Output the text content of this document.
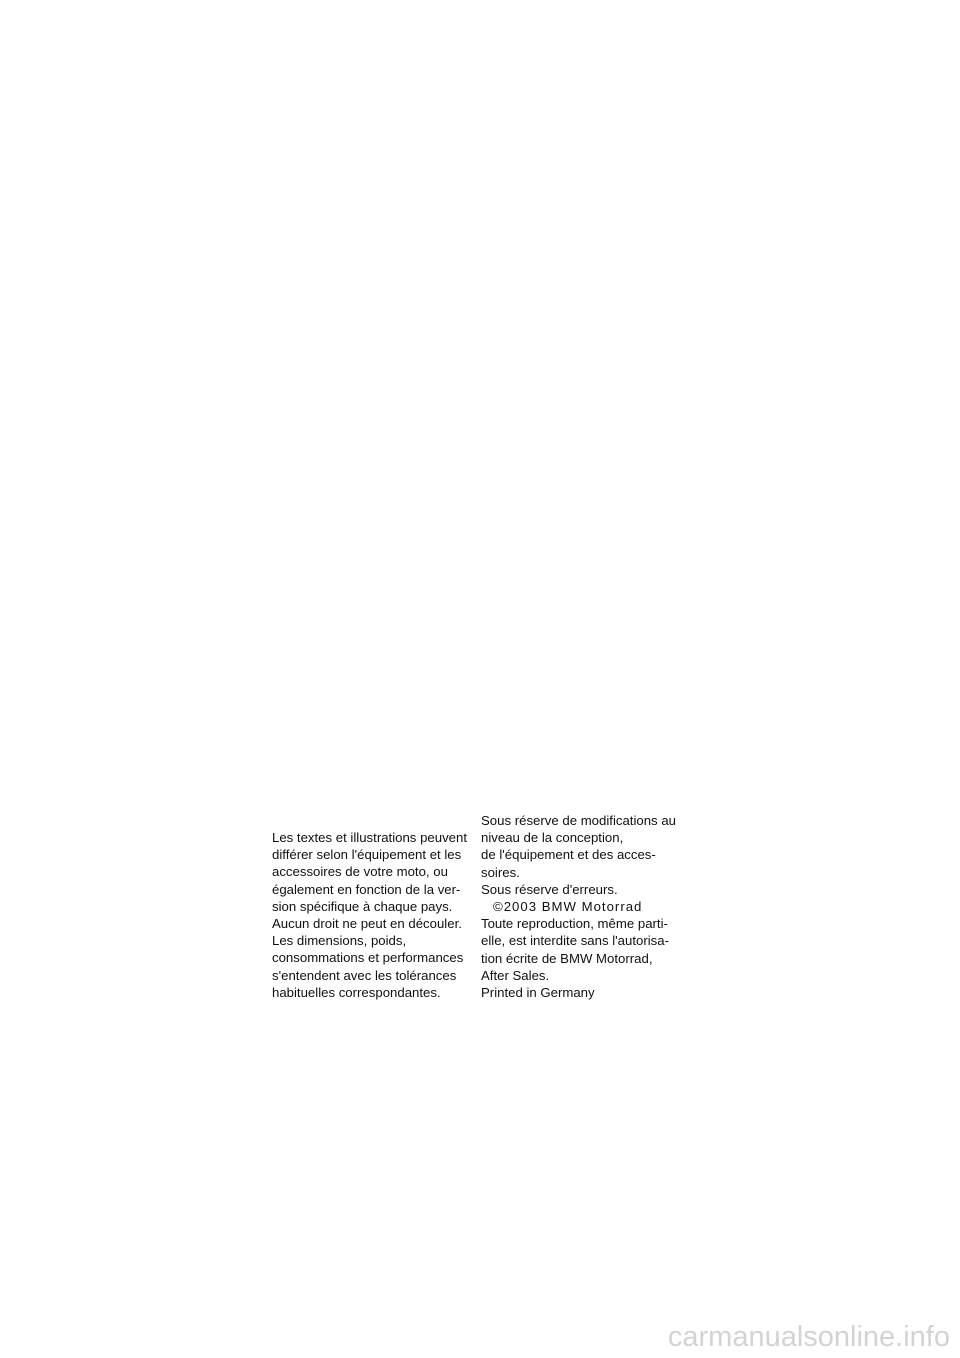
Les textes et illustrations peuvent
différer selon l'équipement et les
accessoires de votre moto, ou
également en fonction de la ver-
sion spécifique à chaque pays.
Aucun droit ne peut en découler.
Les dimensions, poids,
consommations et performances
s'entendent avec les tolérances
habituelles correspondantes.
Sous réserve de modifications au
niveau de la conception,
de l'équipement et des acces-
soires.
Sous réserve d'erreurs.
©2003 BMW Motorrad
Toute reproduction, même parti-
elle, est interdite sans l'autorisa-
tion écrite de BMW Motorrad,
After Sales.
Printed in Germany
carmanualsonline.info
